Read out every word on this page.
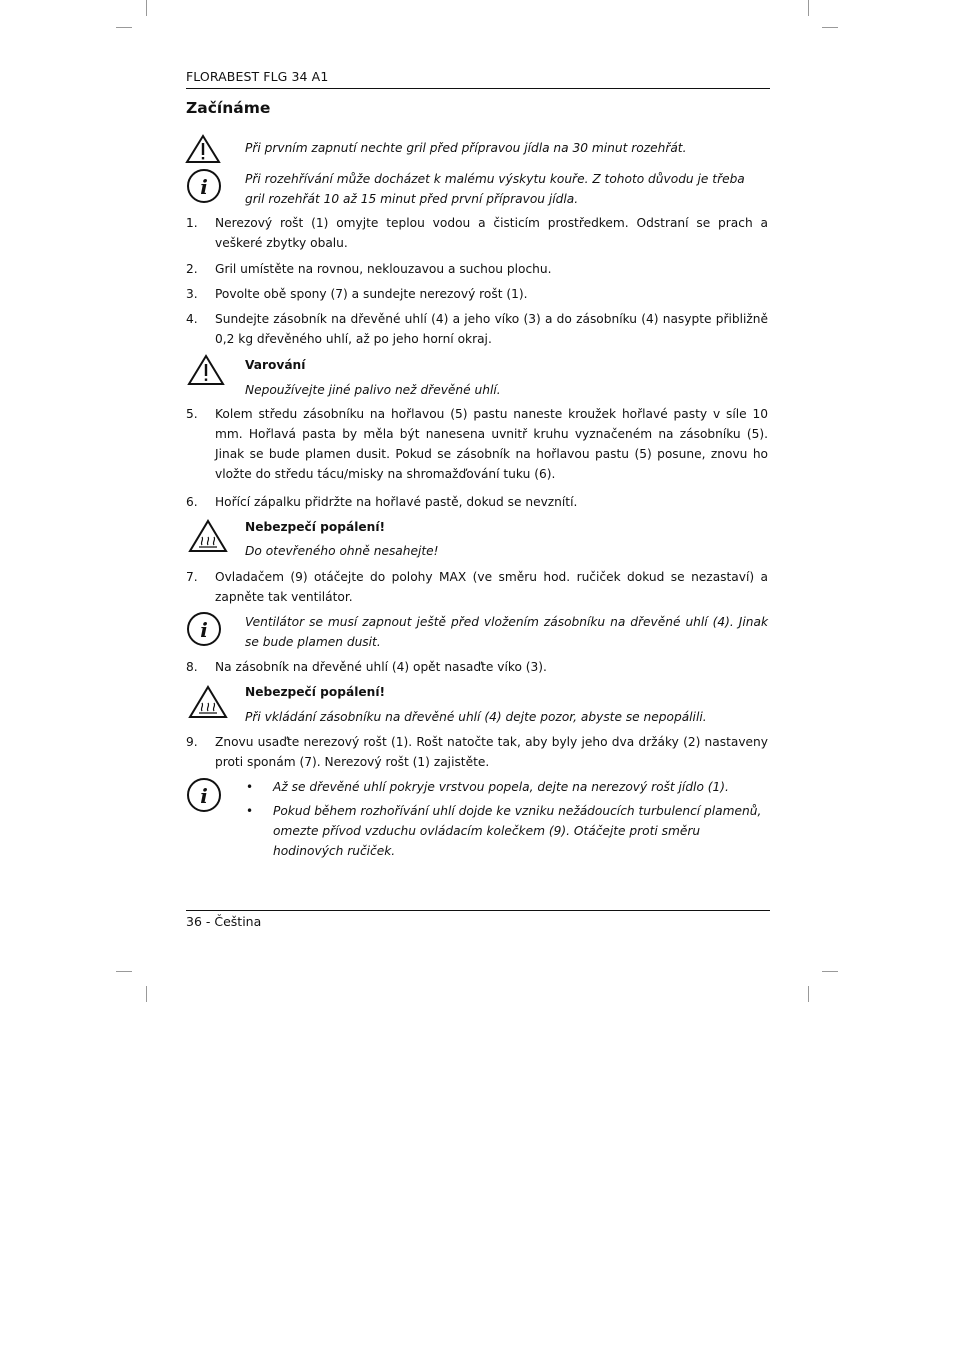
FLORABEST FLG 34 A1
Začínáme
Při prvním zapnutí nechte gril před přípravou jídla na 30 minut rozehřát.
i	Při rozehřívání může docházet k malému výskytu kouře. Z tohoto důvodu je třeba gril rozehřát 10 až 15 minut před první přípravou jídla.
1. Nerezový rošt (1) omyjte teplou vodou a čisticím prostředkem. Odstraní se prach a veškeré zbytky obalu.
2. Gril umístěte na rovnou, neklouzavou a suchou plochu.
3. Povolte obě spony (7) a sundejte nerezový rošt (1).
4. Sundejte zásobník na dřevěné uhlí (4) a jeho víko (3) a do zásobníku (4) nasypte přibližně 0,2 kg dřevěného uhlí, až po jeho horní okraj.
Varování
Nepoužívejte jiné palivo než dřevěné uhlí.
5. Kolem středu zásobníku na hořlavou (5) pastu naneste kroužek hořlavé pasty v síle 10 mm. Hořlavá pasta by měla být nanesena uvnitř kruhu vyznačeném na zásobníku (5). Jinak se bude plamen dusit. Pokud se zásobník na hořlavou pastu (5) posune, znovu ho vložte do středu tácu/misky na shromažďování tuku (6).
6. Hořící zápalku přidržte na hořlavé pastě, dokud se nevznítí.
Nebezpečí popálení!
Do otevřeného ohně nesahejte!
7. Ovladačem (9) otáčejte do polohy MAX (ve směru hod. ručiček dokud se nezastaví) a zapněte tak ventilátor.
i	Ventilátor se musí zapnout ještě před vložením zásobníku na dřevěné uhlí (4). Jinak se bude plamen dusit.
8. Na zásobník na dřevěné uhlí (4) opět nasaďte víko (3).
Nebezpečí popálení!
Při vkládání zásobníku na dřevěné uhlí (4) dejte pozor, abyste se nepopálili.
9. Znovu usaďte nerezový rošt (1). Rošt natočte tak, aby byly jeho dva držáky (2) nastaveny proti sponám (7). Nerezový rošt (1) zajistěte.
i	• Až se dřevěné uhlí pokryje vrstvou popela, dejte na nerezový rošt jídlo (1).
• Pokud během rozhořívání uhlí dojde ke vzniku nežádoucích turbulencí plamenů, omezte přívod vzduchu ovládacím kolečkem (9). Otáčejte proti směru hodinových ručiček.
36 - Čeština
